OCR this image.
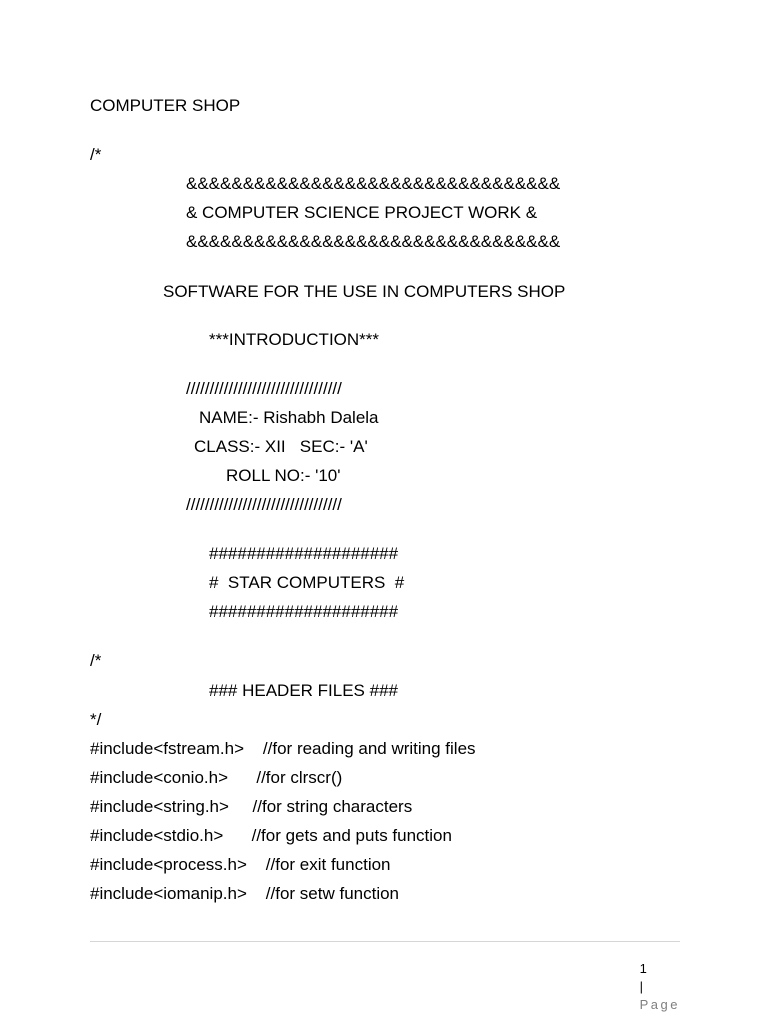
COMPUTER SHOP
/*
&&&&&&&&&&&&&&&&&&&&&&&&&&&&&&&&&
& COMPUTER SCIENCE PROJECT WORK &
&&&&&&&&&&&&&&&&&&&&&&&&&&&&&&&&&
SOFTWARE FOR THE USE IN COMPUTERS SHOP
***INTRODUCTION***
/////////////////////////////////
NAME:- Rishabh Dalela
CLASS:- XII   SEC:- 'A'
ROLL NO:- '10'
/////////////////////////////////
####################
#  STAR COMPUTERS  #
####################
/*
### HEADER FILES ###
*/
#include<fstream.h>    //for reading and writing files
#include<conio.h>      //for clrscr()
#include<string.h>     //for string characters
#include<stdio.h>      //for gets and puts function
#include<process.h>    //for exit function
#include<iomanip.h>    //for setw function

1
|
Page
